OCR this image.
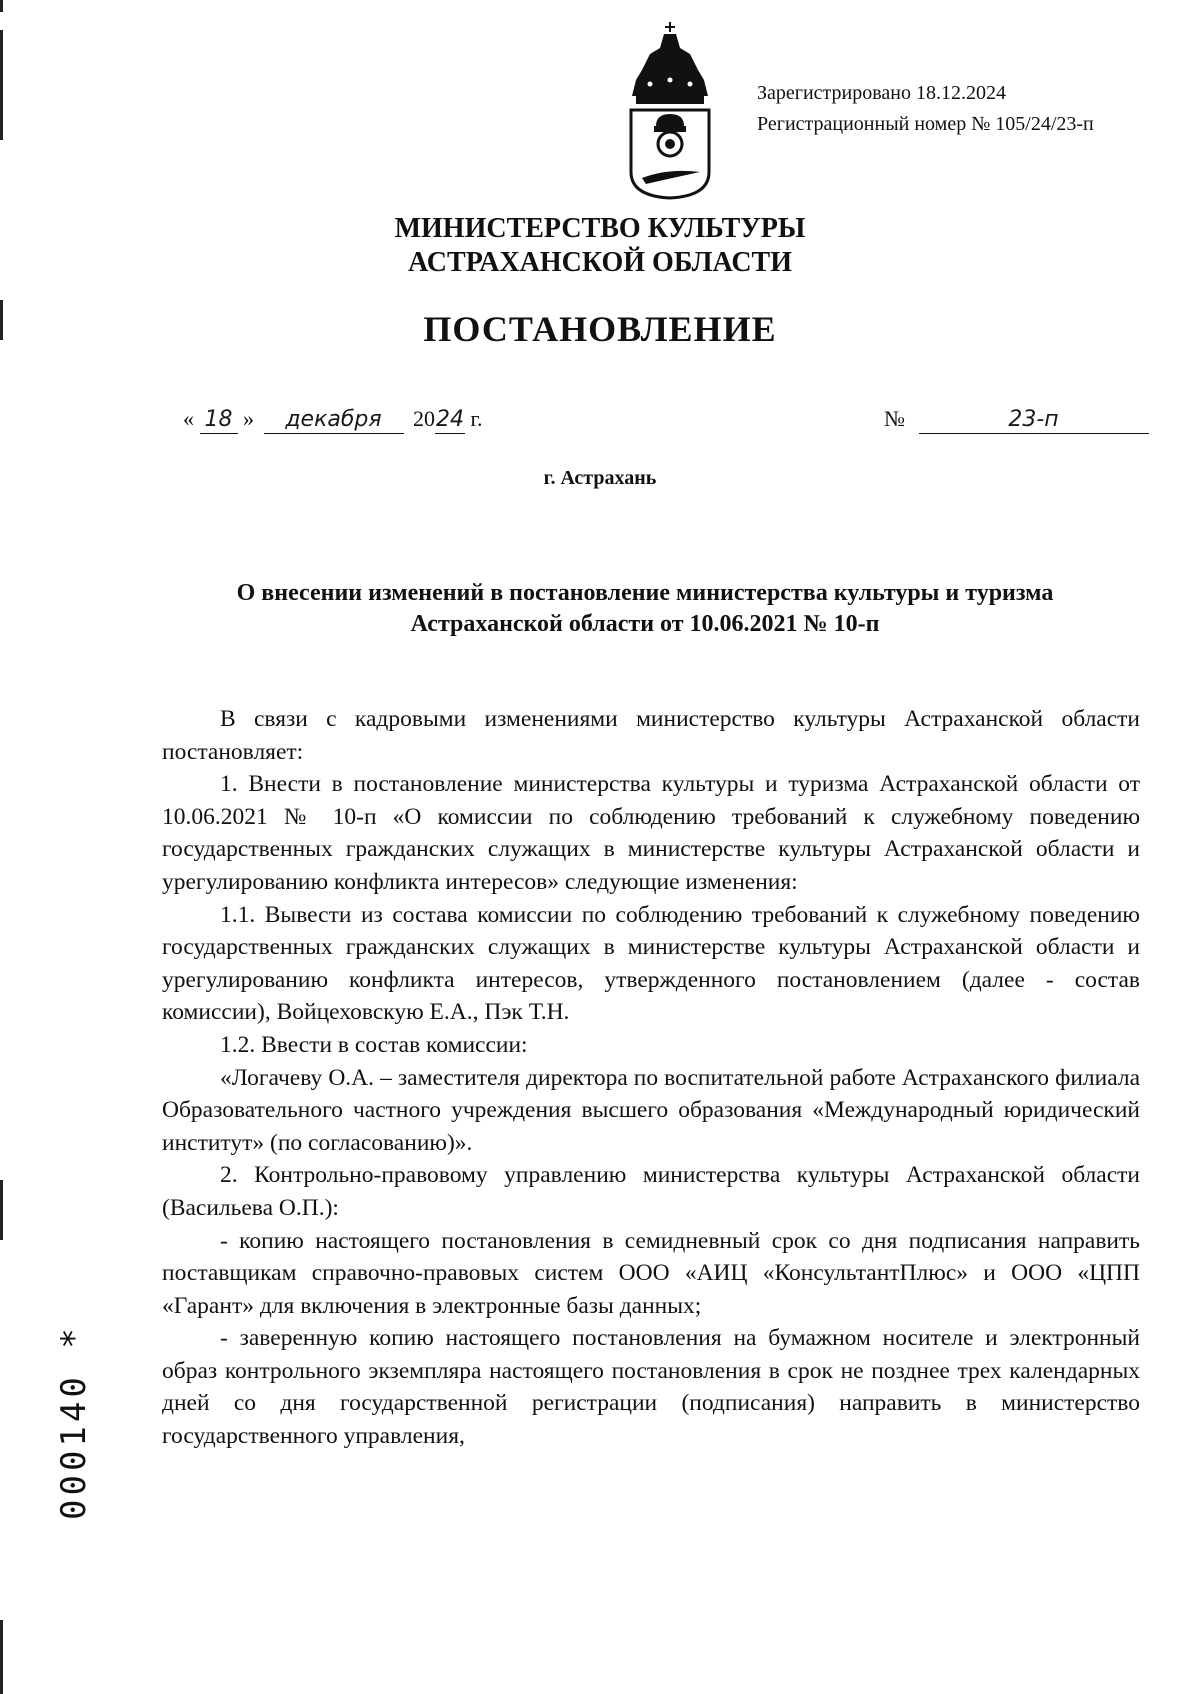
Зарегистрировано 18.12.2024
Регистрационный номер № 105/24/23-п
МИНИСТЕРСТВО КУЛЬТУРЫ
АСТРАХАНСКОЙ ОБЛАСТИ
ПОСТАНОВЛЕНИЕ
« 18 » декабря 2024 г.	№	23-п
г. Астрахань
О внесении изменений в постановление министерства культуры и туризма
Астраханской области от 10.06.2021 № 10-п

В связи с кадровыми изменениями министерство культуры Астраханской области постановляет:

1. Внести в постановление министерства культуры и туризма Астраханской области от 10.06.2021 № 10-п «О комиссии по соблюдению требований к служебному поведению государственных гражданских служащих в министерстве культуры Астраханской области и урегулированию конфликта интересов» следующие изменения:

1.1. Вывести из состава комиссии по соблюдению требований к служебному поведению государственных гражданских служащих в министерстве культуры Астраханской области и урегулированию конфликта интересов, утвержденного постановлением (далее - состав комиссии), Войцеховскую Е.А., Пэк Т.Н.

1.2. Ввести в состав комиссии:

«Логачеву О.А. – заместителя директора по воспитательной работе Астраханского филиала Образовательного частного учреждения высшего образования «Международный юридический институт» (по согласованию)».

2. Контрольно-правовому управлению министерства культуры Астраханской области (Васильева О.П.):

- копию настоящего постановления в семидневный срок со дня подписания направить поставщикам справочно-правовых систем ООО «АИЦ «КонсультантПлюс» и ООО «ЦПП «Гарант» для включения в электронные базы данных;

- заверенную копию настоящего постановления на бумажном носителе и электронный образ контрольного экземпляра настоящего постановления в срок не позднее трех календарных дней со дня государственной регистрации (подписания) направить в министерство государственного управления,

000140 *
